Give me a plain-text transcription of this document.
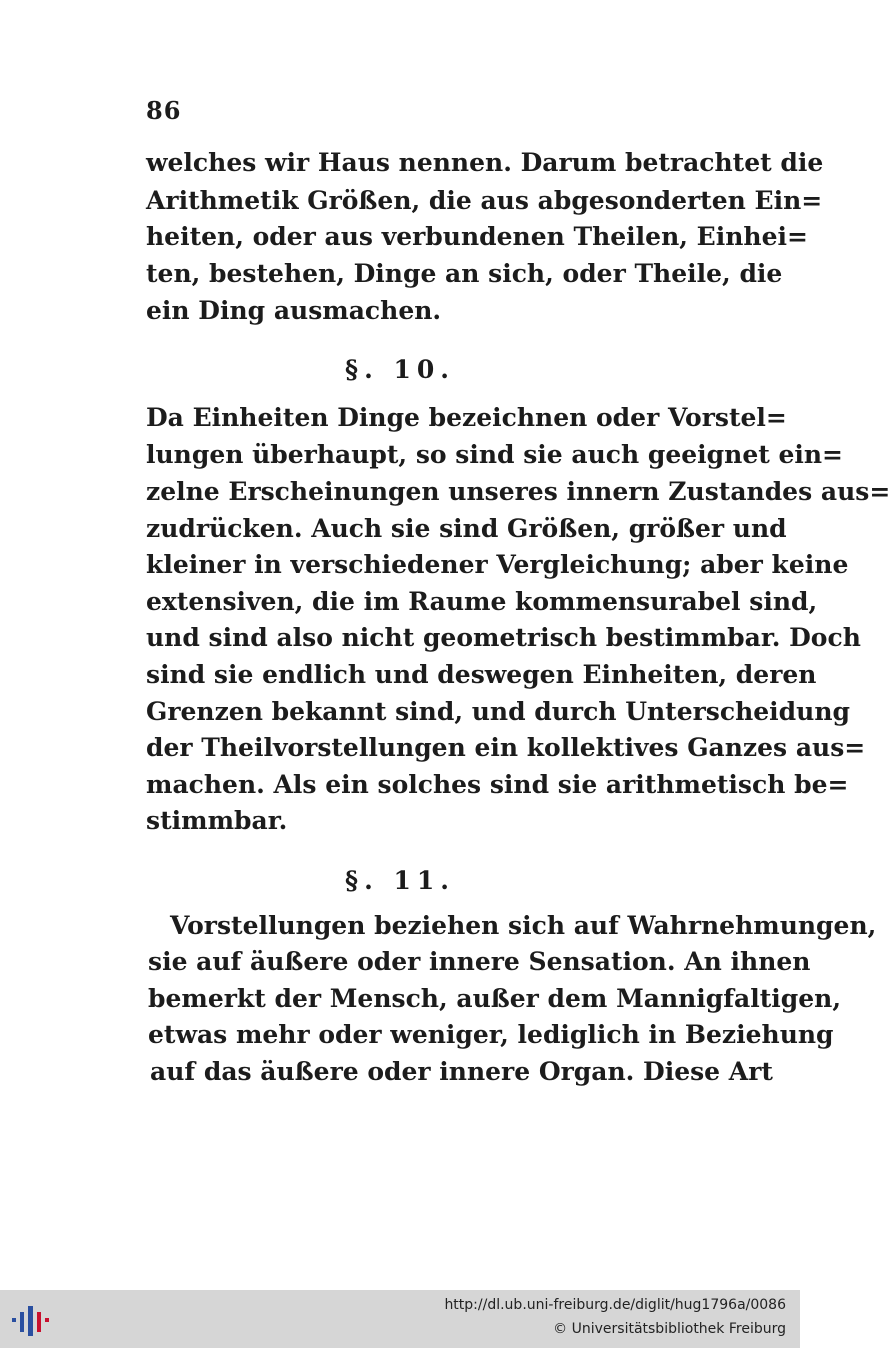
86
welches wir Haus nennen. Darum betrachtet die
Arithmetik Größen, die aus abgesonderten Ein=
heiten, oder aus verbundenen Theilen, Einhei=
ten, bestehen, Dinge an sich, oder Theile, die
ein Ding ausmachen.
§. 10.
Da Einheiten Dinge bezeichnen oder Vorstel=
lungen überhaupt, so sind sie auch geeignet ein=
zelne Erscheinungen unseres innern Zustandes aus=
zudrücken. Auch sie sind Größen, größer und
kleiner in verschiedener Vergleichung; aber keine
extensiven, die im Raume kommensurabel sind,
und sind also nicht geometrisch bestimmbar. Doch
sind sie endlich und deswegen Einheiten, deren
Grenzen bekannt sind, und durch Unterscheidung
der Theilvorstellungen ein kollektives Ganzes aus=
machen. Als ein solches sind sie arithmetisch be=
stimmbar.
§. 11.
Vorstellungen beziehen sich auf Wahrnehmungen,
sie auf äußere oder innere Sensation. An ihnen
bemerkt der Mensch, außer dem Mannigfaltigen,
etwas mehr oder weniger, lediglich in Beziehung
auf das äußere oder innere Organ. Diese Art
http://dl.ub.uni-freiburg.de/diglit/hug1796a/0086
© Universitätsbibliothek Freiburg
